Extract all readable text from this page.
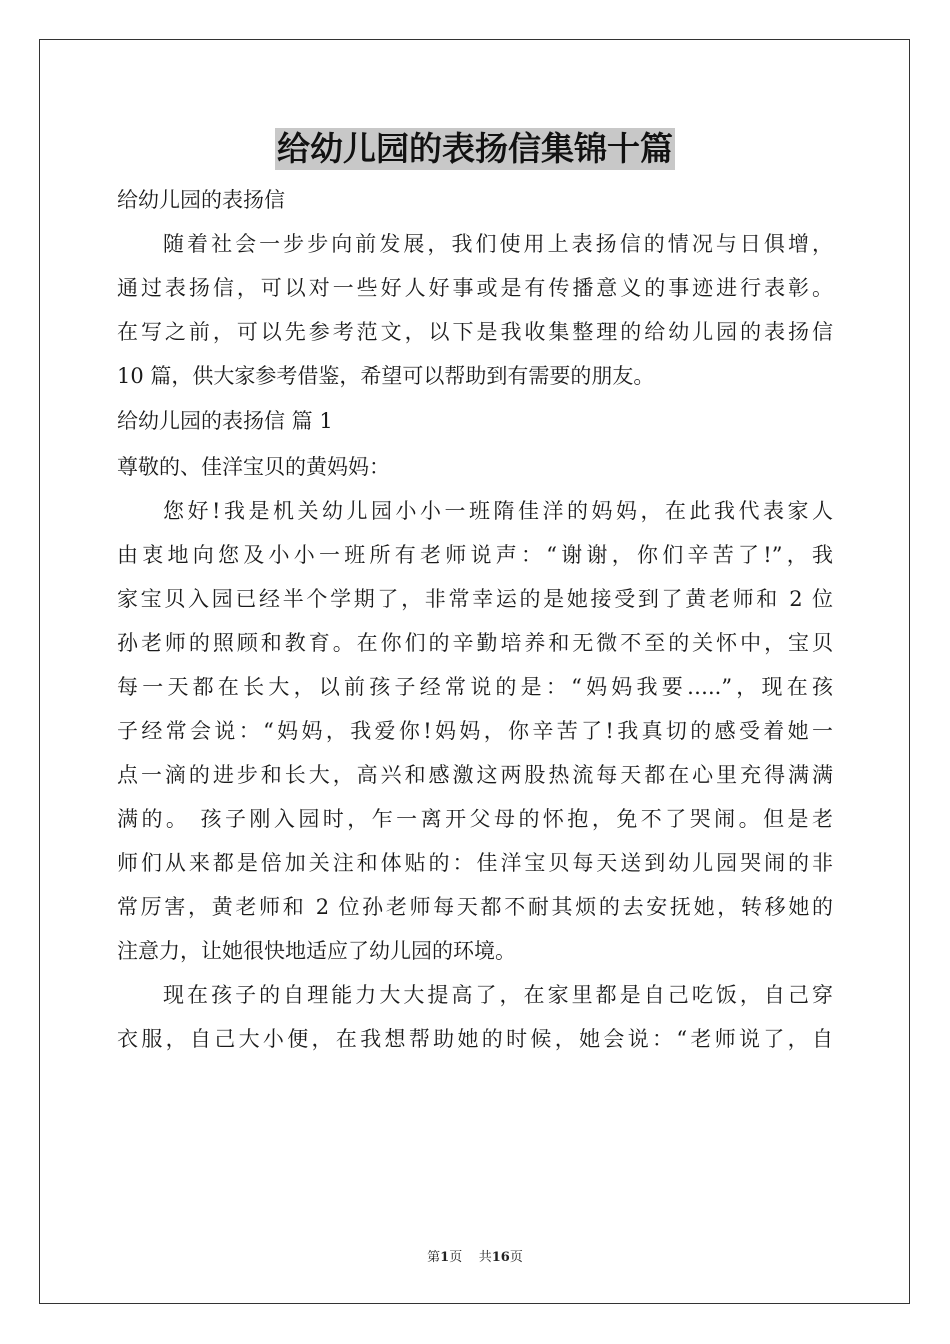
给幼儿园的表扬信集锦十篇

给幼儿园的表扬信

随着社会一步步向前发展，我们使用上表扬信的情况与日俱增，

通过表扬信，可以对一些好人好事或是有传播意义的事迹进行表彰。

在写之前，可以先参考范文，以下是我收集整理的给幼儿园的表扬信

10 篇，供大家参考借鉴，希望可以帮助到有需要的朋友。

给幼儿园的表扬信 篇 1

尊敬的、佳洋宝贝的黄妈妈：

您好!我是机关幼儿园小小一班隋佳洋的妈妈，在此我代表家人

由衷地向您及小小一班所有老师说声：“谢谢，你们辛苦了!”，我

家宝贝入园已经半个学期了，非常幸运的是她接受到了黄老师和 2 位

孙老师的照顾和教育。在你们的辛勤培养和无微不至的关怀中，宝贝

每一天都在长大，以前孩子经常说的是：“妈妈我要…..”，现在孩

子经常会说：“妈妈，我爱你!妈妈，你辛苦了!我真切的感受着她一

点一滴的进步和长大，高兴和感激这两股热流每天都在心里充得满满

满的。 孩子刚入园时，乍一离开父母的怀抱，免不了哭闹。但是老

师们从来都是倍加关注和体贴的：佳洋宝贝每天送到幼儿园哭闹的非

常厉害，黄老师和 2 位孙老师每天都不耐其烦的去安抚她，转移她的

注意力，让她很快地适应了幼儿园的环境。

现在孩子的自理能力大大提高了，在家里都是自己吃饭，自己穿

衣服，自己大小便，在我想帮助她的时候，她会说：“老师说了，自

第1页 共16页
